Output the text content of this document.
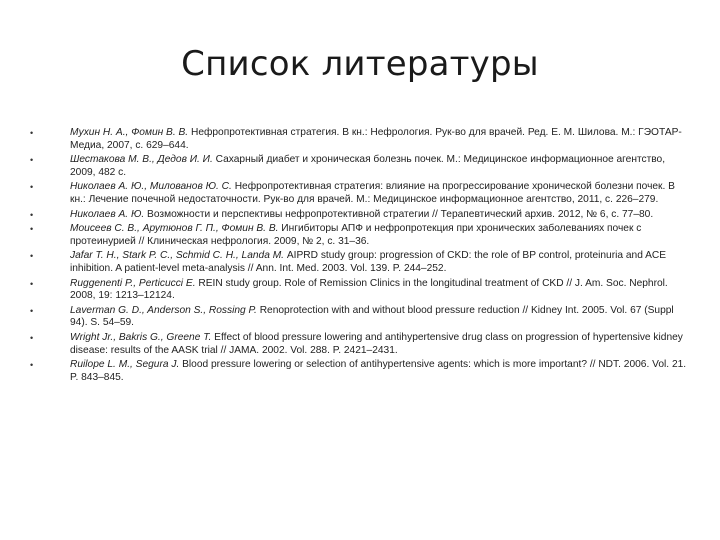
Список литературы
•	Мухин Н. А., Фомин В. В. Нефропротективная стратегия. В кн.: Нефрология. Рук-во для врачей. Ред. Е. М. Шилова. М.: ГЭОТАР-Медиа, 2007, с. 629–644.
•	Шестакова М. В., Дедов И. И. Сахарный диабет и хроническая болезнь почек. М.: Медицинское информационное агентство, 2009, 482 с.
•	Николаев А. Ю., Милованов Ю. С. Нефропротективная стратегия: влияние на прогрессирование хронической болезни почек. В кн.: Лечение почечной недостаточности. Рук-во для врачей. М.: Медицинское информационное агентство, 2011, с. 226–279.
•	Николаев А. Ю. Возможности и перспективы нефропротективной стратегии // Терапевтический архив. 2012, № 6, с. 77–80.
•	Моисеев С. В., Арутюнов Г. П., Фомин В. В. Ингибиторы АПФ и нефропротекция при хронических заболеваниях почек с протеинурией // Клиническая нефрология. 2009, № 2, с. 31–36.
•	Jafar T. H., Stark P. C., Schmid C. H., Landa M. AIPRD study group: progression of CKD: the role of BP control, proteinuria and ACE inhibition. A patient-level meta-analysis // Ann. Int. Med. 2003. Vol. 139. P. 244–252.
•	Ruggenenti P., Perticucci E. REIN study group. Role of Remission Clinics in the longitudinal treatment of CKD // J. Am. Soc. Nephrol. 2008, 19: 1213–12124.
•	Laverman G. D., Anderson S., Rossing P. Renoprotection with and without blood pressure reduction // Kidney Int. 2005. Vol. 67 (Suppl 94). S. 54–59.
•	Wright Jr., Bakris G., Greene T. Effect of blood pressure lowering and antihypertensive drug class on progression of hypertensive kidney disease: results of the AASK trial // JAMA. 2002. Vol. 288. P. 2421–2431.
•	Ruilope L. M., Segura J. Blood pressure lowering or selection of antihypertensive agents: which is more important? // NDT. 2006. Vol. 21. P. 843–845.
